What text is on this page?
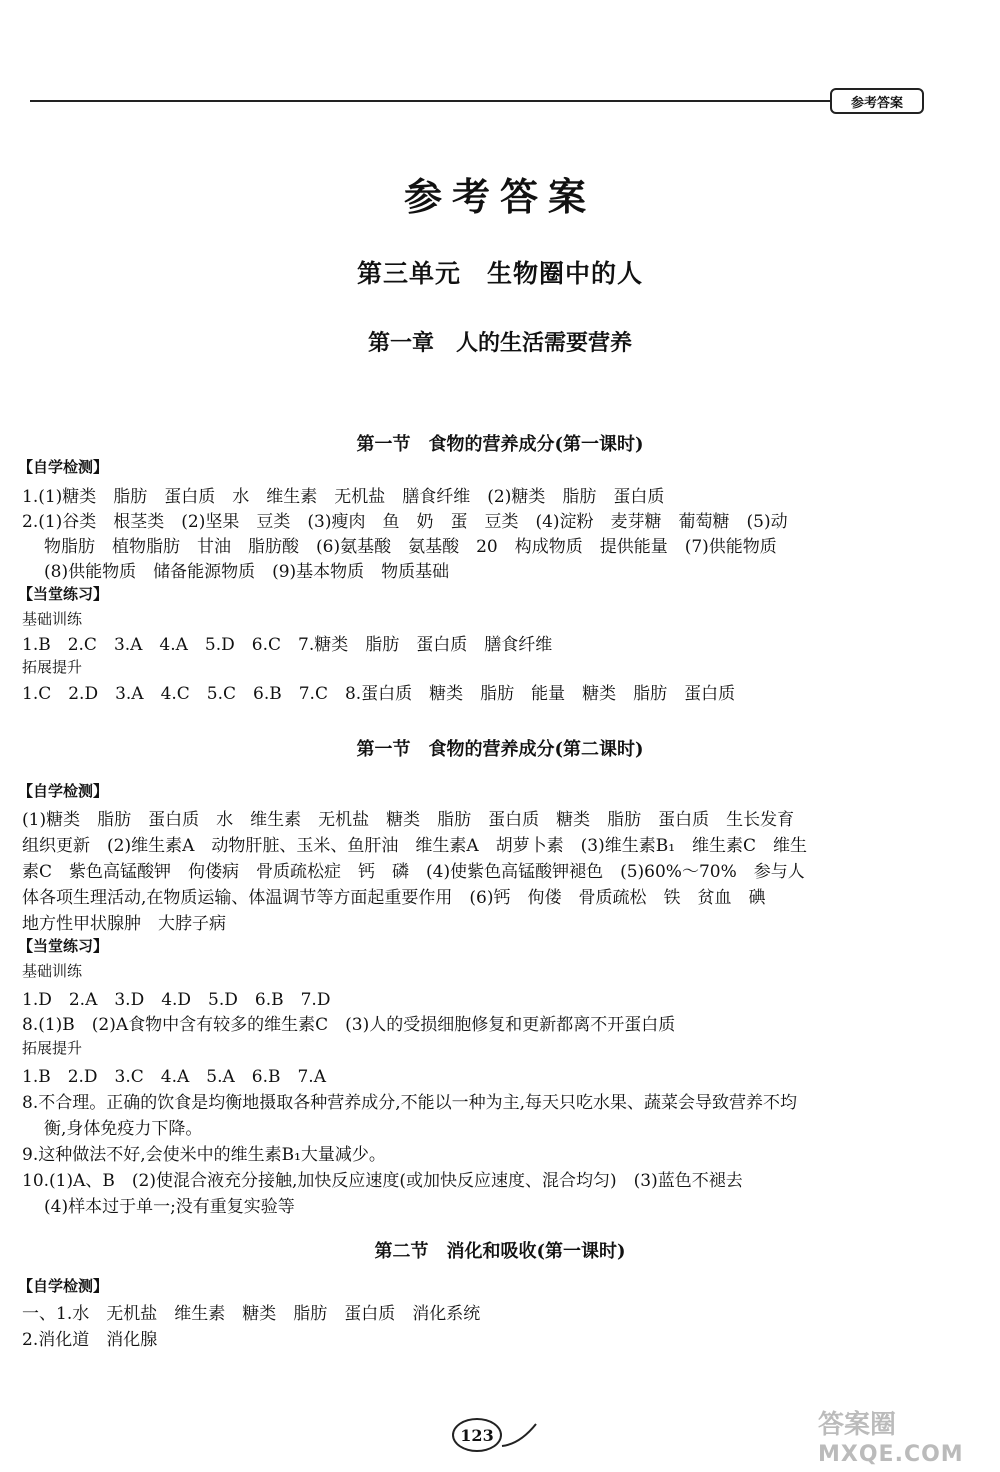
参考答案
参考答案
第三单元　生物圈中的人
第一章　人的生活需要营养
第一节　食物的营养成分(第一课时)
【自学检测】
1.(1)糖类　脂肪　蛋白质　水　维生素　无机盐　膳食纤维　(2)糖类　脂肪　蛋白质
2.(1)谷类　根茎类　(2)坚果　豆类　(3)瘦肉　鱼　奶　蛋　豆类　(4)淀粉　麦芽糖　葡萄糖　(5)动
物脂肪　植物脂肪　甘油　脂肪酸　(6)氨基酸　氨基酸　20　构成物质　提供能量　(7)供能物质
(8)供能物质　储备能源物质　(9)基本物质　物质基础
【当堂练习】
基础训练
1.B　2.C　3.A　4.A　5.D　6.C　7.糖类　脂肪　蛋白质　膳食纤维
拓展提升
1.C　2.D　3.A　4.C　5.C　6.B　7.C　8.蛋白质　糖类　脂肪　能量　糖类　脂肪　蛋白质
第一节　食物的营养成分(第二课时)
【自学检测】
(1)糖类　脂肪　蛋白质　水　维生素　无机盐　糖类　脂肪　蛋白质　糖类　脂肪　蛋白质　生长发育
组织更新　(2)维生素A　动物肝脏、玉米、鱼肝油　维生素A　胡萝卜素　(3)维生素B₁　维生素C　维生
素C　紫色高锰酸钾　佝偻病　骨质疏松症　钙　磷　(4)使紫色高锰酸钾褪色　(5)60%～70%　参与人
体各项生理活动,在物质运输、体温调节等方面起重要作用　(6)钙　佝偻　骨质疏松　铁　贫血　碘
地方性甲状腺肿　大脖子病
【当堂练习】
基础训练
1.D　2.A　3.D　4.D　5.D　6.B　7.D
8.(1)B　(2)A食物中含有较多的维生素C　(3)人的受损细胞修复和更新都离不开蛋白质
拓展提升
1.B　2.D　3.C　4.A　5.A　6.B　7.A
8.不合理。正确的饮食是均衡地摄取各种营养成分,不能以一种为主,每天只吃水果、蔬菜会导致营养不均
衡,身体免疫力下降。
9.这种做法不好,会使米中的维生素B₁大量减少。
10.(1)A、B　(2)使混合液充分接触,加快反应速度(或加快反应速度、混合均匀)　(3)蓝色不褪去
(4)样本过于单一;没有重复实验等
第二节　消化和吸收(第一课时)
【自学检测】
一、1.水　无机盐　维生素　糖类　脂肪　蛋白质　消化系统
2.消化道　消化腺
123	答案圈
MXQE.COM
